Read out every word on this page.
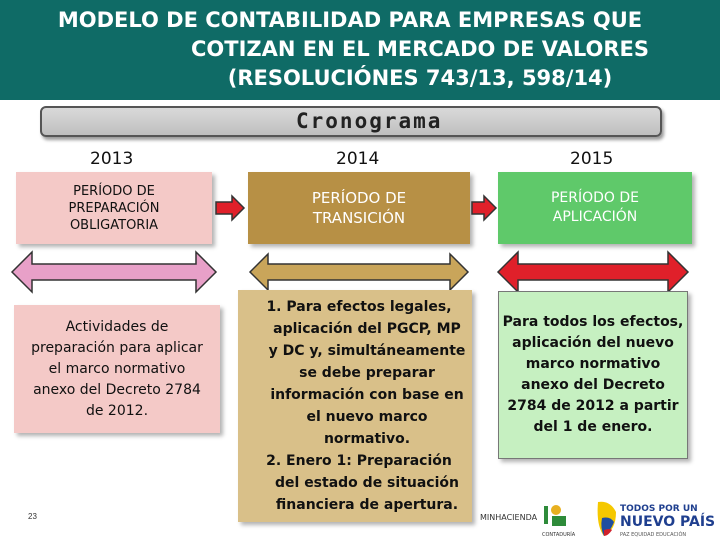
MODELO DE CONTABILIDAD PARA EMPRESAS QUE
COTIZAN EN EL MERCADO DE VALORES
(RESOLUCIÓNES 743/13, 598/14)
Cronograma
2013	2014	2015
PERÍODO DE PREPARACIÓN OBLIGATORIA
PERÍODO DE TRANSICIÓN
PERÍODO DE APLICACIÓN
Actividades de preparación para aplicar el marco normativo anexo del Decreto 2784 de 2012.
1. Para efectos legales, aplicación del PGCP, MP y DC y, simultáneamente se debe preparar información con base en el nuevo marco normativo.
2. Enero 1: Preparación del estado de situación financiera de apertura.
Para todos los efectos, aplicación del nuevo marco normativo anexo del Decreto 2784 de 2012 a partir del 1 de enero.
23	MINHACIENDA
CONTADURÍA
TODOS POR UN
NUEVO PAÍS
PAZ EQUIDAD EDUCACIÓN
